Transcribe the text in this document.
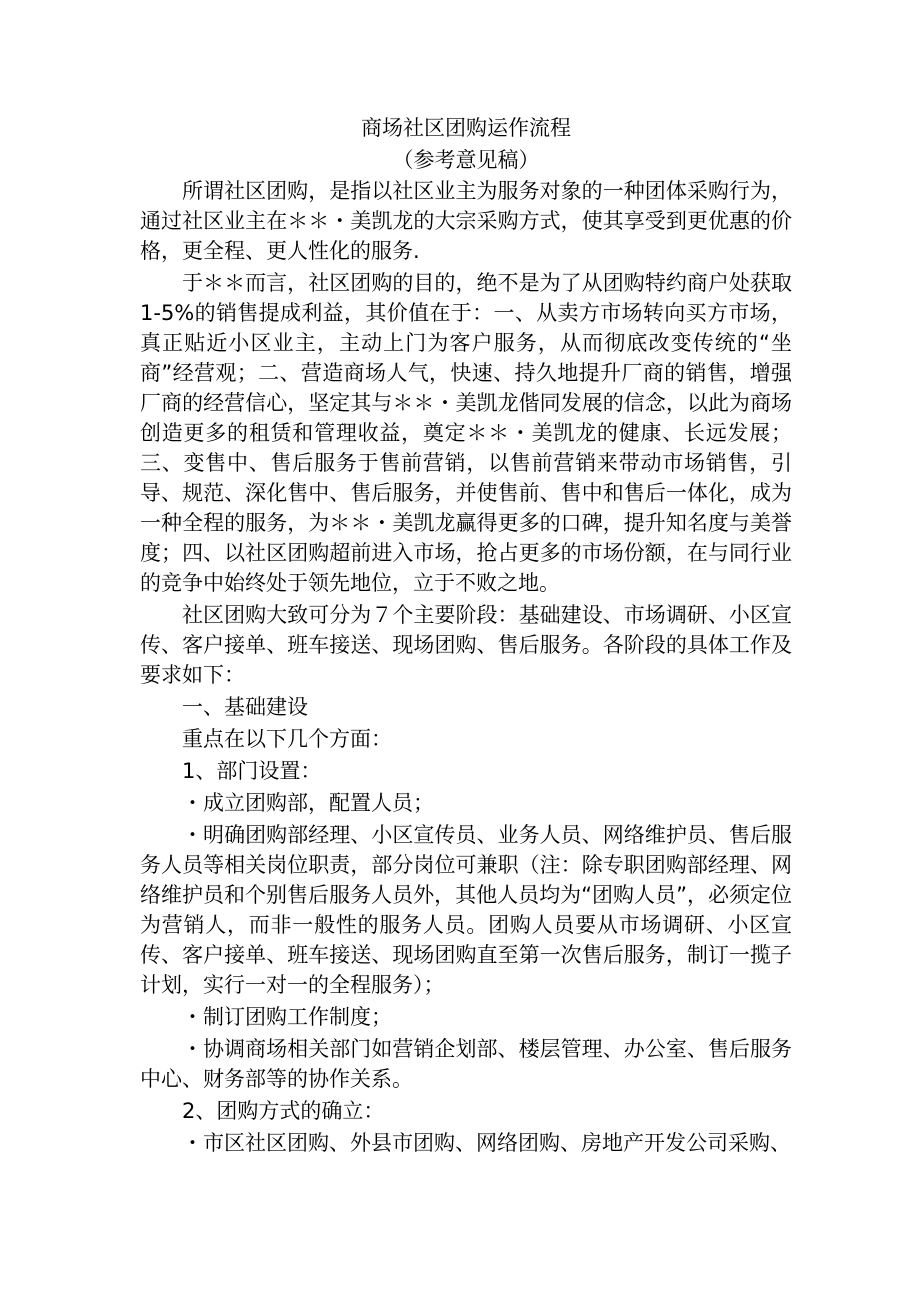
商场社区团购运作流程
（参考意见稿）

所谓社区团购，是指以社区业主为服务对象的一种团体采购行为，通过社区业主在＊＊・美凯龙的大宗采购方式，使其享受到更优惠的价格，更全程、更人性化的服务.

于＊＊而言，社区团购的目的，绝不是为了从团购特约商户处获取1-5%的销售提成利益，其价值在于：一、从卖方市场转向买方市场，真正贴近小区业主，主动上门为客户服务，从而彻底改变传统的“坐商”经营观；二、营造商场人气，快速、持久地提升厂商的销售，增强厂商的经营信心，坚定其与＊＊・美凯龙偕同发展的信念，以此为商场创造更多的租赁和管理收益，奠定＊＊・美凯龙的健康、长远发展；三、变售中、售后服务于售前营销，以售前营销来带动市场销售，引导、规范、深化售中、售后服务，并使售前、售中和售后一体化，成为一种全程的服务，为＊＊・美凯龙赢得更多的口碑，提升知名度与美誉度；四、以社区团购超前进入市场，抢占更多的市场份额，在与同行业的竞争中始终处于领先地位，立于不败之地。

社区团购大致可分为７个主要阶段：基础建设、市场调研、小区宣传、客户接单、班车接送、现场团购、售后服务。各阶段的具体工作及要求如下：

一、基础建设

重点在以下几个方面：

1、部门设置：

・成立团购部，配置人员；

・明确团购部经理、小区宣传员、业务人员、网络维护员、售后服务人员等相关岗位职责，部分岗位可兼职（注：除专职团购部经理、网络维护员和个别售后服务人员外，其他人员均为“团购人员”，必须定位为营销人，而非一般性的服务人员。团购人员要从市场调研、小区宣传、客户接单、班车接送、现场团购直至第一次售后服务，制订一揽子计划，实行一对一的全程服务）；

・制订团购工作制度；

・协调商场相关部门如营销企划部、楼层管理、办公室、售后服务中心、财务部等的协作关系。

2、团购方式的确立：

・市区社区团购、外县市团购、网络团购、房地产开发公司采购、
